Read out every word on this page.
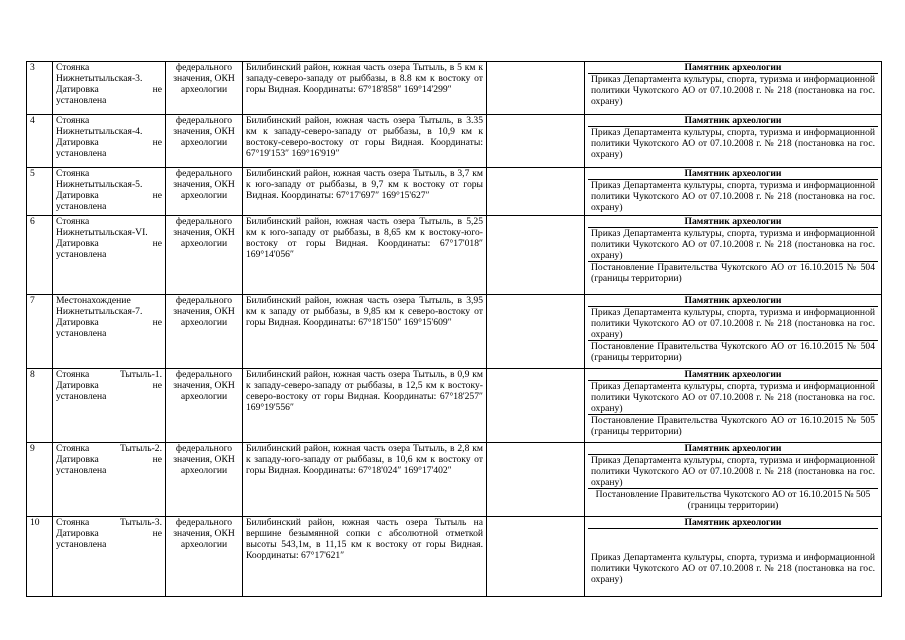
3	Стоянка Нижнетытыльская-3. Датировка не установлена	федерального значения, ОКН археологии	Билибинский район, южная часть озера Тытыль, в 5 км к западу-северо-западу от рыббазы, в 8.8 км к востоку от горы Видная. Координаты: 67°18'858″ 169°14'299″		Памятник археологии
Приказ Департамента культуры, спорта, туризма и информационной политики Чукотского АО от 07.10.2008 г. № 218 (постановка на гос. охрану)

4	Стоянка Нижнетытыльская-4. Датировка не установлена	федерального значения, ОКН археологии	Билибинский район, южная часть озера Тытыль, в 3.35 км к западу-северо-западу от рыббазы, в 10,9 км к востоку-северо-востоку от горы Видная. Координаты: 67°19'153″ 169°16'919″		Памятник археологии
Приказ Департамента культуры, спорта, туризма и информационной политики Чукотского АО от 07.10.2008 г. № 218 (постановка на гос. охрану)

5	Стоянка Нижнетытыльская-5. Датировка не установлена	федерального значения, ОКН археологии	Билибинский район, южная часть озера Тытыль, в 3,7 км к юго-западу от рыббазы, в 9,7 км к востоку от горы Видная. Координаты: 67°17'697″ 169°15'627″		Памятник археологии
Приказ Департамента культуры, спорта, туризма и информационной политики Чукотского АО от 07.10.2008 г. № 218 (постановка на гос. охрану)

6	Стоянка Нижнетытыльская-VI. Датировка не установлена	федерального значения, ОКН археологии	Билибинский район, южная часть озера Тытыль, в 5,25 км к юго-западу от рыббазы, в 8,65 км к востоку-юго-востоку от горы Видная. Координаты: 67°17'018″ 169°14'056″		Памятник археологии
Приказ Департамента культуры, спорта, туризма и информационной политики Чукотского АО от 07.10.2008 г. № 218 (постановка на гос. охрану)
Постановление Правительства Чукотского АО от 16.10.2015 № 504 (границы территории)

7	Местонахождение Нижнетытыльская-7. Датировка не установлена	федерального значения, ОКН археологии	Билибинский район, южная часть озера Тытыль, в 3,95 км к западу от рыббазы, в 9,85 км к северо-востоку от горы Видная. Координаты: 67°18'150″ 169°15'609″		Памятник археологии
Приказ Департамента культуры, спорта, туризма и информационной политики Чукотского АО от 07.10.2008 г. № 218 (постановка на гос. охрану)
Постановление Правительства Чукотского АО от 16.10.2015 № 504 (границы территории)

8	Стоянка Тытыль-1. Датировка не установлена	федерального значения, ОКН археологии	Билибинский район, южная часть озера Тытыль, в 0,9 км к западу-северо-западу от рыббазы, в 12,5 км к востоку-северо-востоку от горы Видная. Координаты: 67°18'257″ 169°19'556″		Памятник археологии
Приказ Департамента культуры, спорта, туризма и информационной политики Чукотского АО от 07.10.2008 г. № 218 (постановка на гос. охрану)
Постановление Правительства Чукотского АО от 16.10.2015 № 505 (границы территории)

9	Стоянка Тытыль-2. Датировка не установлена	федерального значения, ОКН археологии	Билибинский район, южная часть озера Тытыль, в 2,8 км к западу-юго-западу от рыббазы, в 10,6 км к востоку от горы Видная. Координаты: 67°18'024″ 169°17'402″		Памятник археологии
Приказ Департамента культуры, спорта, туризма и информационной политики Чукотского АО от 07.10.2008 г. № 218 (постановка на гос. охрану)
Постановление Правительства Чукотского АО от 16.10.2015 № 505 (границы территории)

10	Стоянка Тытыль-3. Датировка не установлена	федерального значения, ОКН археологии	Билибинский район, южная часть озера Тытыль на вершине безымянной сопки с абсолютной отметкой высоты 543,1м, в 11,15 км к востоку от горы Видная. Координаты: 67°17'621″		Памятник археологии
Приказ Департамента культуры, спорта, туризма и информационной политики Чукотского АО от 07.10.2008 г. № 218 (постановка на гос. охрану)
